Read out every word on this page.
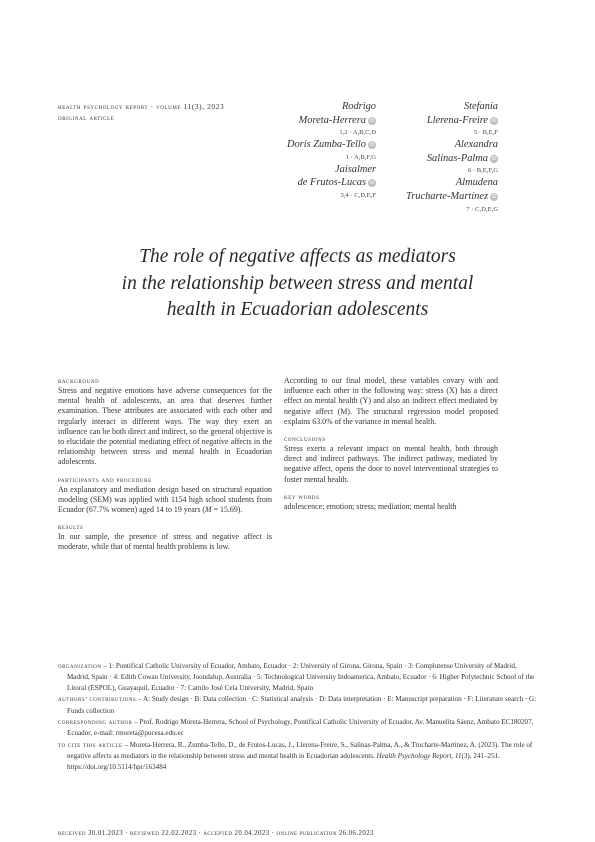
health psychology report · volume 11(3), 2023
original article
Rodrigo
Moreta-Herrera iD
1,2 · A,B,C,D
Doris Zumba-Tello iD
1 · A,B,F,G
Jaisalmer
de Frutos-Lucas iD
3,4 · C,D,E,F
Stefanía
Llerena-Freire iD
5 · B,E,F
Alexandra
Salinas-Palma iD
6 · B,E,F,G
Almudena
Trucharte-Martínez iD
7 · C,D,E,G
The role of negative affects as mediators
in the relationship between stress and mental
health in Ecuadorian adolescents
background

Stress and negative emotions have adverse consequences for the mental health of adolescents, an area that deserves further examination. These attributes are associated with each other and regularly interact in different ways. The way they exert an influence can be both direct and indirect, so the general objective is to elucidate the potential mediating effect of negative affects in the relationship between stress and mental health in Ecuadorian adolescents.

participants and procedure

An explanatory and mediation design based on structural equation modeling (SEM) was applied with 1154 high school students from Ecuador (67.7% women) aged 14 to 19 years (M = 15.69).

results

In our sample, the presence of stress and negative affect is moderate, while that of mental health problems is low.

According to our final model, these variables covary with and influence each other in the following way: stress (X) has a direct effect on mental health (Y) and also an indirect effect mediated by negative affect (M). The structural regression model proposed explains 63.0% of the variance in mental health.

conclusions

Stress exerts a relevant impact on mental health, both through direct and indirect pathways. The indirect pathway, mediated by negative affect, opens the door to novel interventional strategies to foster mental health.

key words

adolescence; emotion; stress; mediation; mental health

organization – 1: Pontifical Catholic University of Ecuador, Ambato, Ecuador · 2: University of Girona, Girona, Spain · 3: Complutense University of Madrid, Madrid, Spain · 4: Edith Cowan University, Joondalup, Australia · 5: Technological University Indoamerica, Ambato, Ecuador · 6: Higher Polytechnic School of the Litoral (ESPOL), Guayaquil, Ecuador · 7: Camilo José Cela University, Madrid, Spain

authors’ contributions – A: Study design · B: Data collection · C: Statistical analysis · D: Data interpretation · E: Manuscript preparation · F: Literature search · G: Funds collection

corresponding author – Prof. Rodrigo Moreta-Herrera, School of Psychology, Pontifical Catholic University of Ecuador, Av. Manuelita Sáenz, Ambato EC180207, Ecuador, e-mail: rmoreta@pucesa.edu.ec

to cite this article – Moreta-Herrera, R., Zumba-Tello, D., de Frutos-Lucas, J., Llerena-Freire, S., Salinas-Palma, A., & Trucharte-Martínez, A. (2023). The role of negative affects as mediators in the relationship between stress and mental health in Ecuadorian adolescents. Health Psychology Report, 11(3), 241–251. https://doi.org/10.5114/hpr/163484

received 30.01.2023 · reviewed 22.02.2023 · accepted 20.04.2023 · online publication 26.06.2023
